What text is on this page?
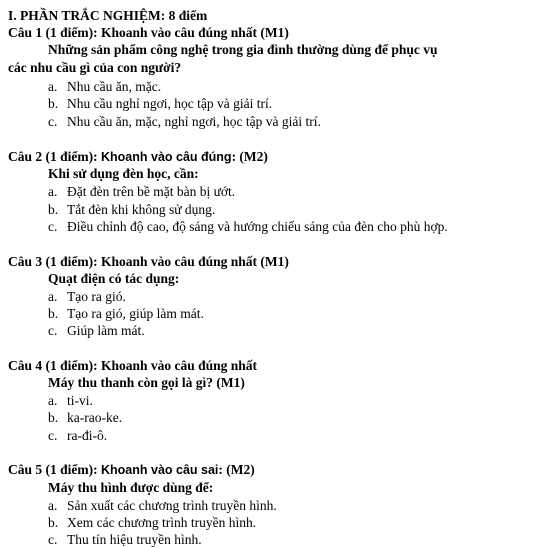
I. PHẦN TRẮC NGHIỆM: 8 điểm
Câu 1 (1 điểm): Khoanh vào câu đúng nhất (M1)
Những sản phẩm công nghệ trong gia đình thường dùng để phục vụ
các nhu cầu gì của con người?
a. Nhu cầu ăn, mặc.
b. Nhu cầu nghỉ ngơi, học tập và giải trí.
c. Nhu cầu ăn, mặc, nghỉ ngơi, học tập và giải trí.
Câu 2 (1 điểm): Khoanh vào câu đúng: (M2)
Khi sử dụng đèn học, cần:
a. Đặt đèn trên bề mặt bàn bị ướt.
b. Tắt đèn khi không sử dụng.
c. Điều chỉnh độ cao, độ sáng và hướng chiếu sáng của đèn cho phù hợp.
Câu 3 (1 điểm): Khoanh vào câu đúng nhất (M1)
Quạt điện có tác dụng:
a. Tạo ra gió.
b. Tạo ra gió, giúp làm mát.
c. Giúp làm mát.
Câu 4 (1 điểm): Khoanh vào câu đúng nhất
Máy thu thanh còn gọi là gì? (M1)
a. ti-vi.
b. ka-rao-ke.
c. ra-đi-ô.
Câu 5 (1 điểm): Khoanh vào câu sai: (M2)
Máy thu hình được dùng để:
a. Sản xuất các chương trình truyền hình.
b. Xem các chương trình truyền hình.
c. Thu tín hiệu truyền hình.
